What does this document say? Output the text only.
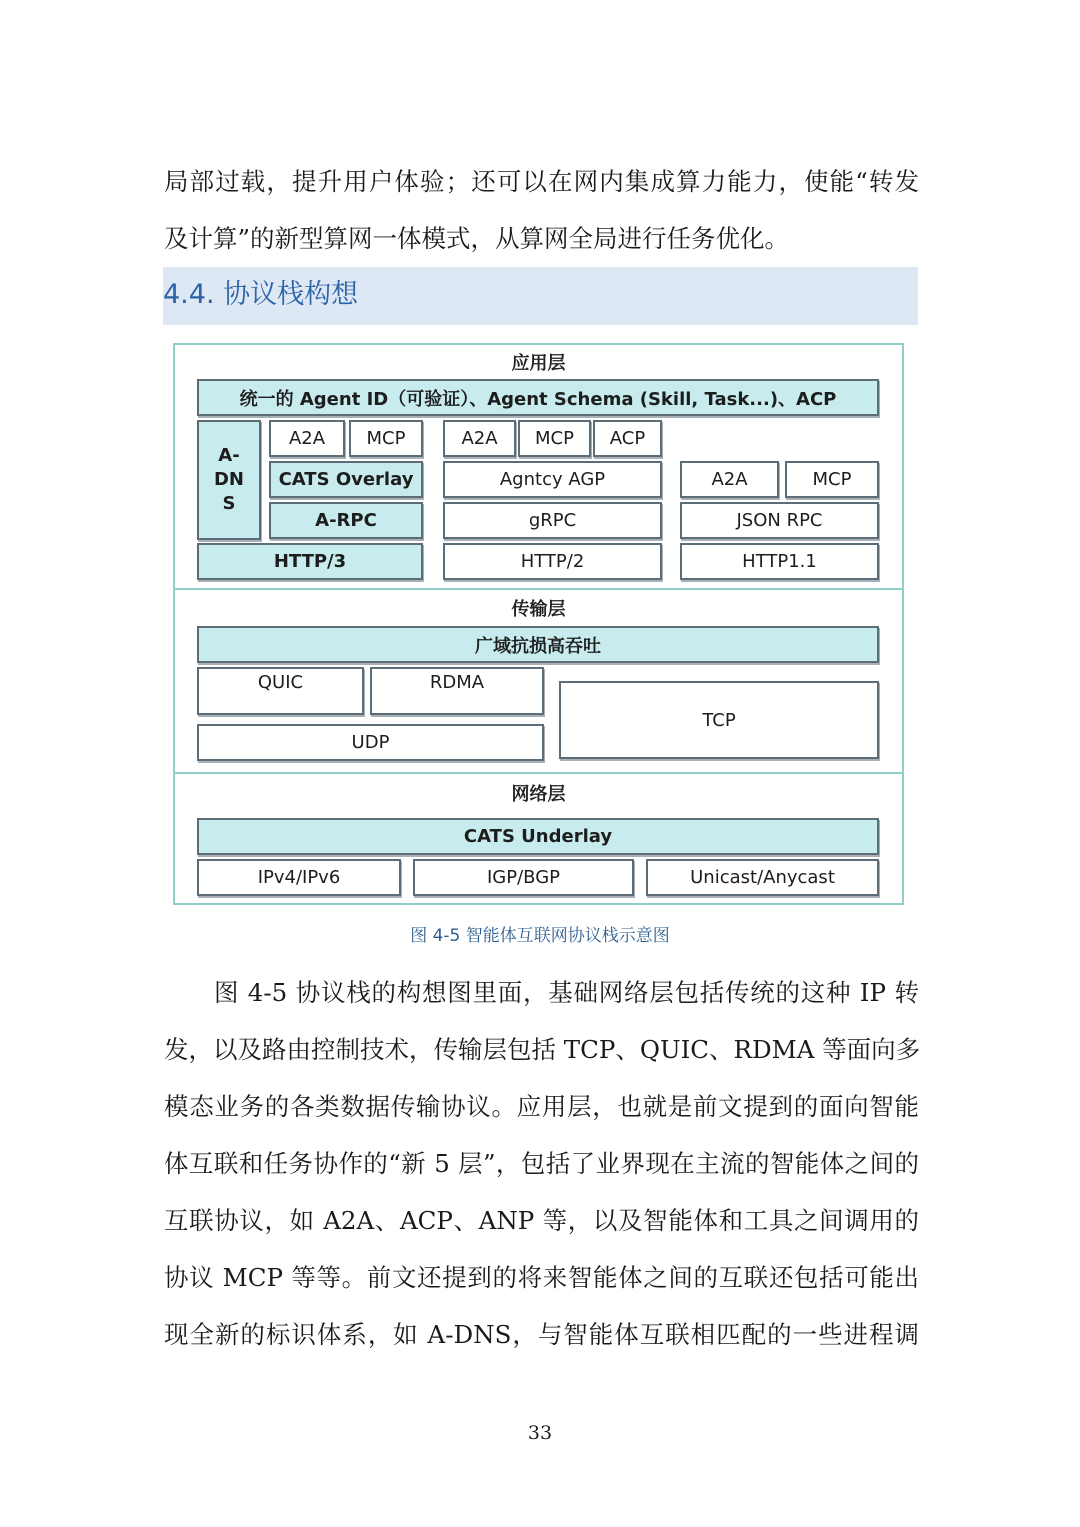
局部过载，提升用户体验；还可以在网内集成算力能力，使能“转发
及计算”的新型算网一体模式，从算网全局进行任务优化。
4.4. 协议栈构想
应用层
统一的 Agent ID（可验证）、Agent Schema (Skill, Task...)、ACP
A-
DN
S
A2A	MCP
CATS Overlay
A-RPC
HTTP/3
A2A	MCP	ACP
Agntcy AGP
gRPC
HTTP/2
A2A	MCP
JSON RPC
HTTP1.1
传输层
广域抗损高吞吐
QUIC	RDMA
UDP
TCP
网络层
CATS Underlay
IPv4/IPv6	IGP/BGP	Unicast/Anycast
图 4-5 智能体互联网协议栈示意图
图 4-5 协议栈的构想图里面，基础网络层包括传统的这种 IP 转
发，以及路由控制技术，传输层包括 TCP、QUIC、RDMA 等面向多
模态业务的各类数据传输协议。应用层，也就是前文提到的面向智能
体互联和任务协作的“新 5 层”，包括了业界现在主流的智能体之间的
互联协议，如 A2A、ACP、ANP 等，以及智能体和工具之间调用的
协议 MCP 等等。前文还提到的将来智能体之间的互联还包括可能出
现全新的标识体系，如 A-DNS，与智能体互联相匹配的一些进程调
33
